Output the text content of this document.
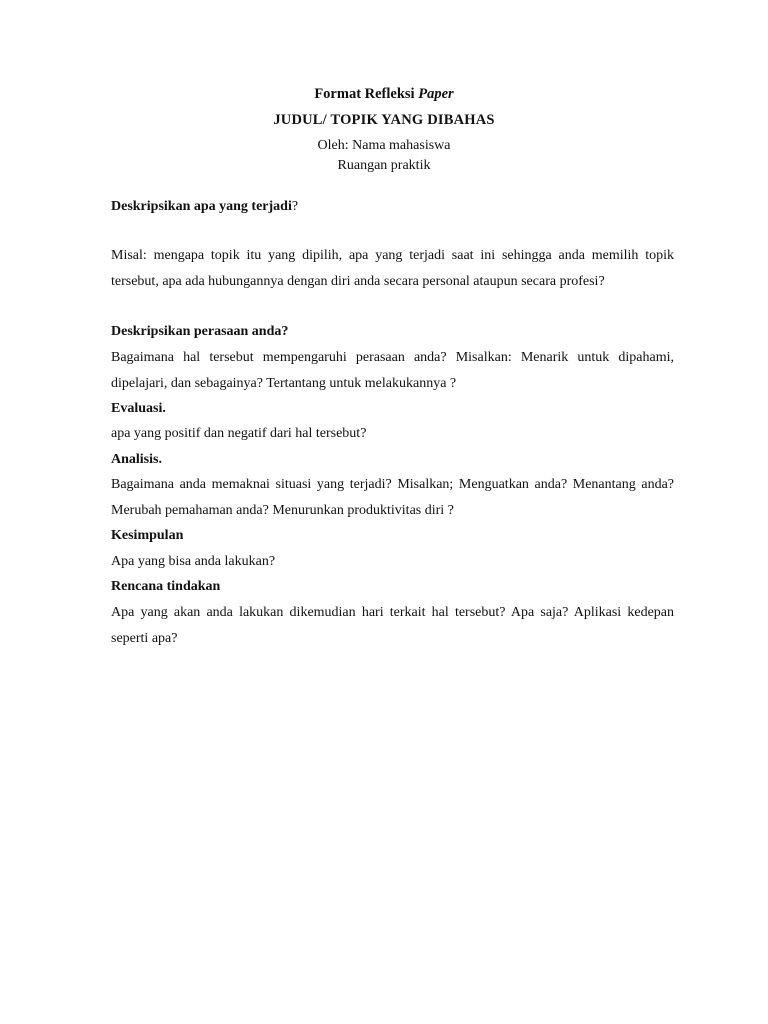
Format Refleksi Paper
JUDUL/ TOPIK YANG DIBAHAS
Oleh: Nama mahasiswa
Ruangan praktik
Deskripsikan apa yang terjadi?
Misal: mengapa topik itu yang dipilih, apa yang terjadi saat ini sehingga anda memilih topik tersebut, apa ada hubungannya dengan diri anda secara personal ataupun secara profesi?
Deskripsikan perasaan anda?
Bagaimana hal tersebut mempengaruhi perasaan anda? Misalkan: Menarik untuk dipahami, dipelajari, dan sebagainya? Tertantang untuk melakukannya ?
Evaluasi.
apa yang positif dan negatif dari hal tersebut?
Analisis.
Bagaimana anda memaknai situasi yang terjadi? Misalkan; Menguatkan anda? Menantang anda? Merubah pemahaman anda? Menurunkan produktivitas diri ?
Kesimpulan
Apa yang bisa anda lakukan?
Rencana tindakan
Apa yang akan anda lakukan dikemudian hari terkait hal tersebut? Apa saja? Aplikasi kedepan seperti apa?
